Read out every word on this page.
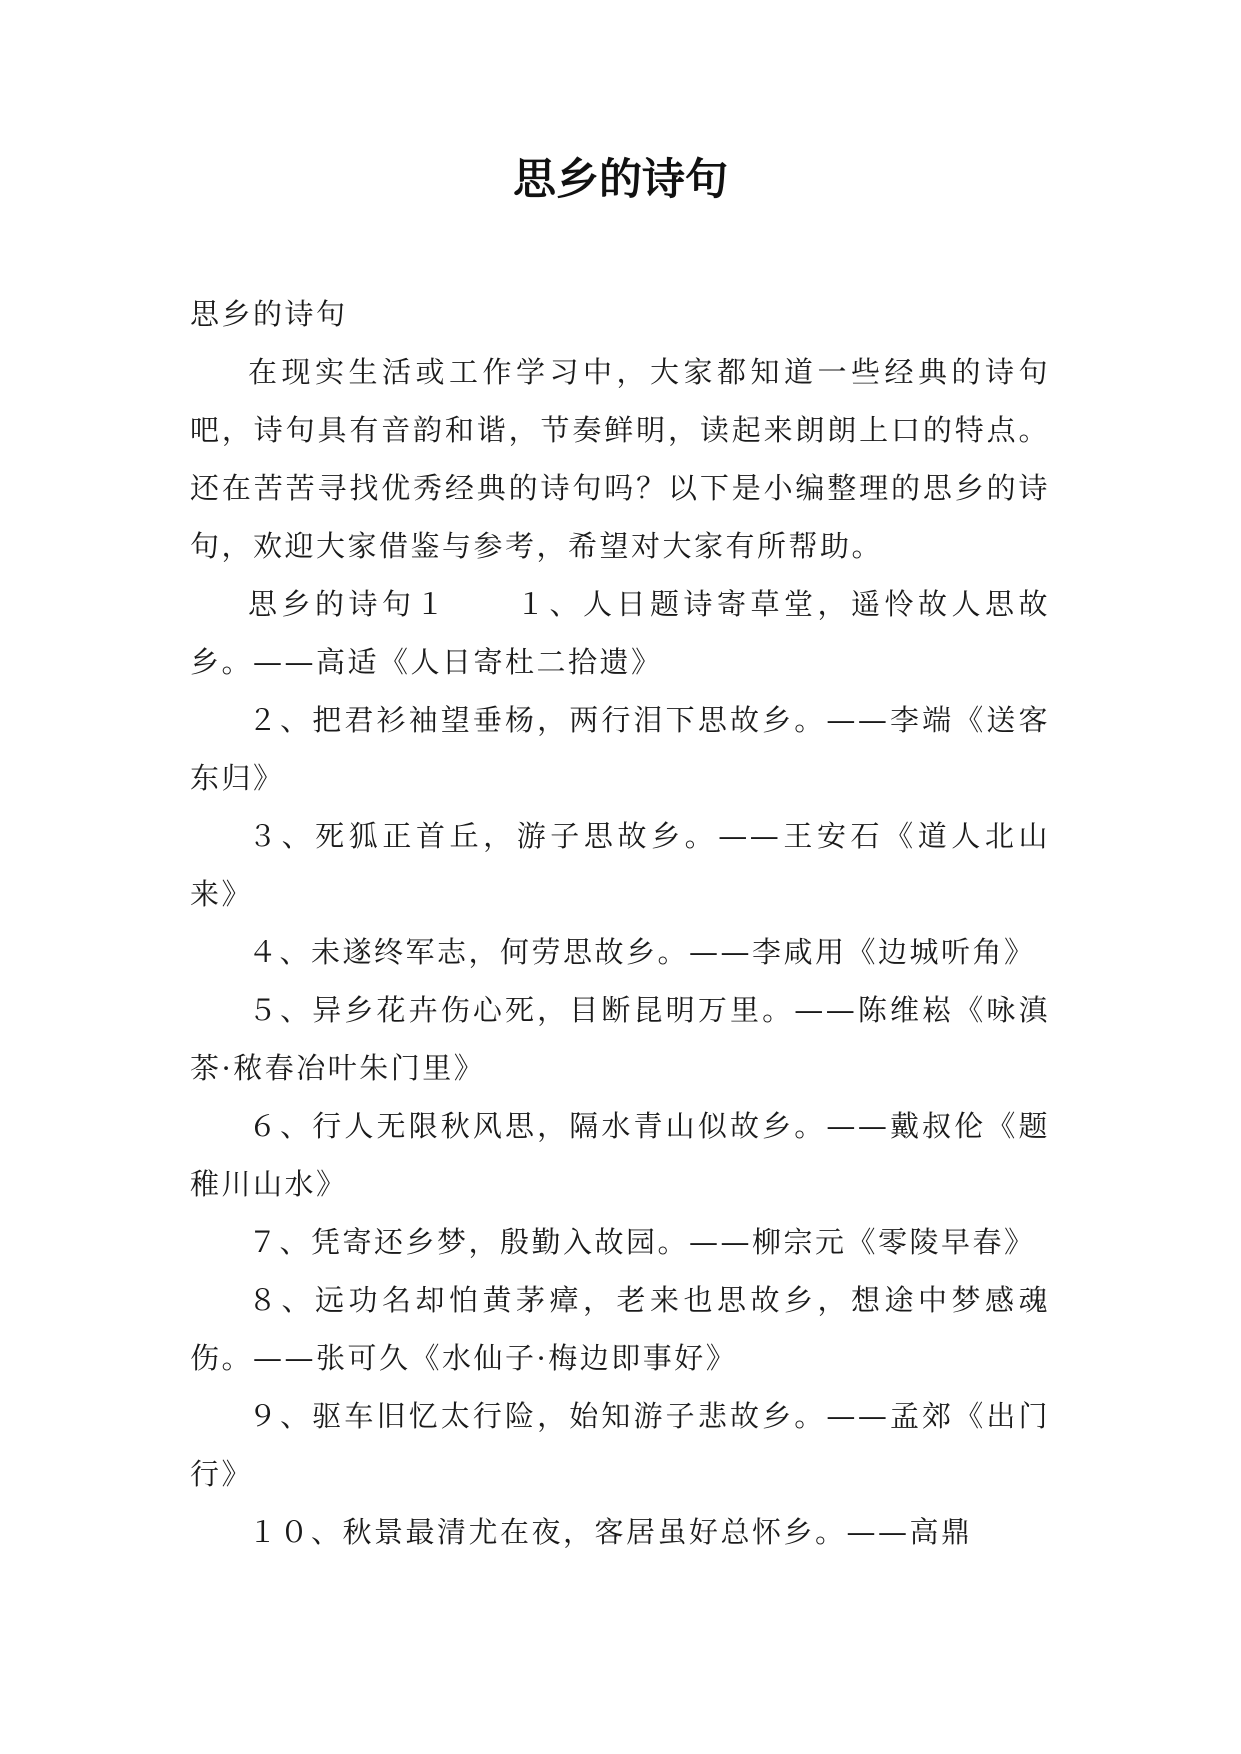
思乡的诗句

思乡的诗句

在现实生活或工作学习中，大家都知道一些经典的诗句吧，诗句具有音韵和谐，节奏鲜明，读起来朗朗上口的特点。还在苦苦寻找优秀经典的诗句吗？以下是小编整理的思乡的诗句，欢迎大家借鉴与参考，希望对大家有所帮助。

思乡的诗句１　　１、人日题诗寄草堂，遥怜故人思故乡。——高适《人日寄杜二拾遗》

２、把君衫袖望垂杨，两行泪下思故乡。——李端《送客东归》

３、死狐正首丘，游子思故乡。——王安石《道人北山来》

４、未遂终军志，何劳思故乡。——李咸用《边城听角》

５、异乡花卉伤心死，目断昆明万里。——陈维崧《咏滇茶·秾春冶叶朱门里》

６、行人无限秋风思，隔水青山似故乡。——戴叔伦《题稚川山水》

７、凭寄还乡梦，殷勤入故园。——柳宗元《零陵早春》

８、远功名却怕黄茅瘴，老来也思故乡，想途中梦感魂伤。——张可久《水仙子·梅边即事好》

９、驱车旧忆太行险，始知游子悲故乡。——孟郊《出门行》

１０、秋景最清尤在夜，客居虽好总怀乡。——高鼎
